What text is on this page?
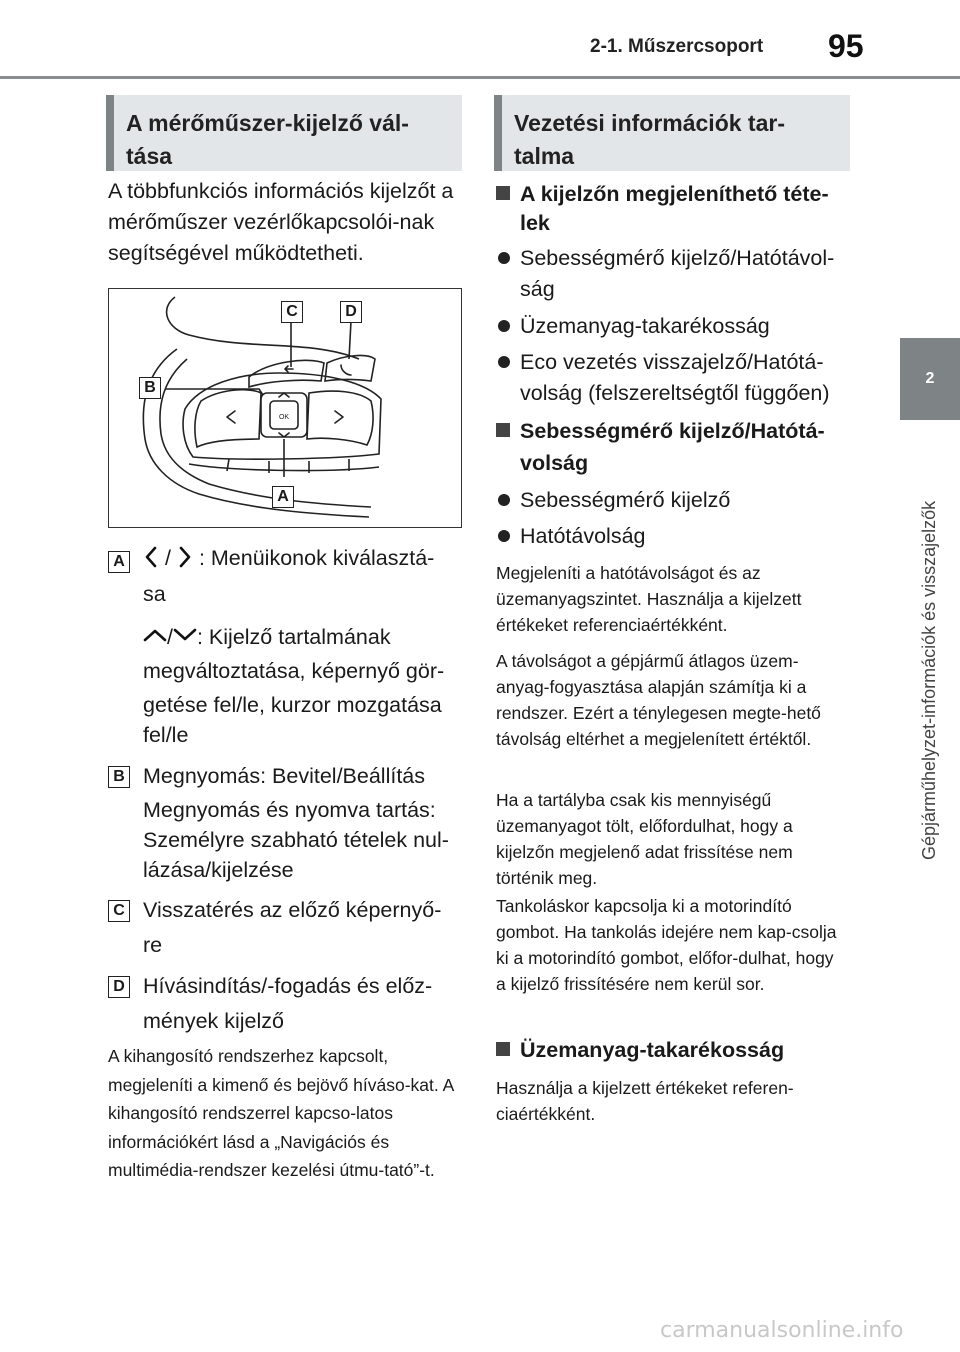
2-1. Műszercsoport 95
2
Gépjárműhelyzet-információk és visszajelzők
A mérőműszer-kijelző vál-
tása
A többfunkciós információs kijelzőt a mérőműszer vezérlőkapcsolói-nak segítségével működtetheti.
OK
C	D
B
A
A	/ : Menüikonok kiválasztá-
sa
/ : Kijelző tartalmának
megváltoztatása, képernyő gör-
getése fel/le, kurzor mozgatása
fel/le
B Megnyomás: Bevitel/Beállítás
Megnyomás és nyomva tartás:
Személyre szabható tételek nul-
lázása/kijelzése
C Visszatérés az előző képernyő-
re
D Hívásindítás/-fogadás és előz-
mények kijelző
A kihangosító rendszerhez kapcsolt, megjeleníti a kimenő és bejövő híváso-kat. A kihangosító rendszerrel kapcso-latos információkért lásd a „Navigációs és multimédia-rendszer kezelési útmu-tató”-t.
Vezetési információk tar-
talma
A kijelzőn megjeleníthető téte-
lek
Sebességmérő kijelző/Hatótávol-
ság
Üzemanyag-takarékosság
Eco vezetés visszajelző/Hatótá-
volság (felszereltségtől függően)
Sebességmérő kijelző/Hatótá-
volság
Sebességmérő kijelző
Hatótávolság
Megjeleníti a hatótávolságot és az üzemanyagszintet. Használja a kijelzett értékeket referenciaértékként.
A távolságot a gépjármű átlagos üzem-anyag-fogyasztása alapján számítja ki a rendszer. Ezért a ténylegesen megte-hető távolság eltérhet a megjelenített értéktől.
Ha a tartályba csak kis mennyiségű üzemanyagot tölt, előfordulhat, hogy a kijelzőn megjelenő adat frissítése nem történik meg.
Tankoláskor kapcsolja ki a motorindító gombot. Ha tankolás idejére nem kap-csolja ki a motorindító gombot, előfor-dulhat, hogy a kijelző frissítésére nem kerül sor.
Üzemanyag-takarékosság
Használja a kijelzett értékeket referen-ciaértékként.
carmanualsonline.info
